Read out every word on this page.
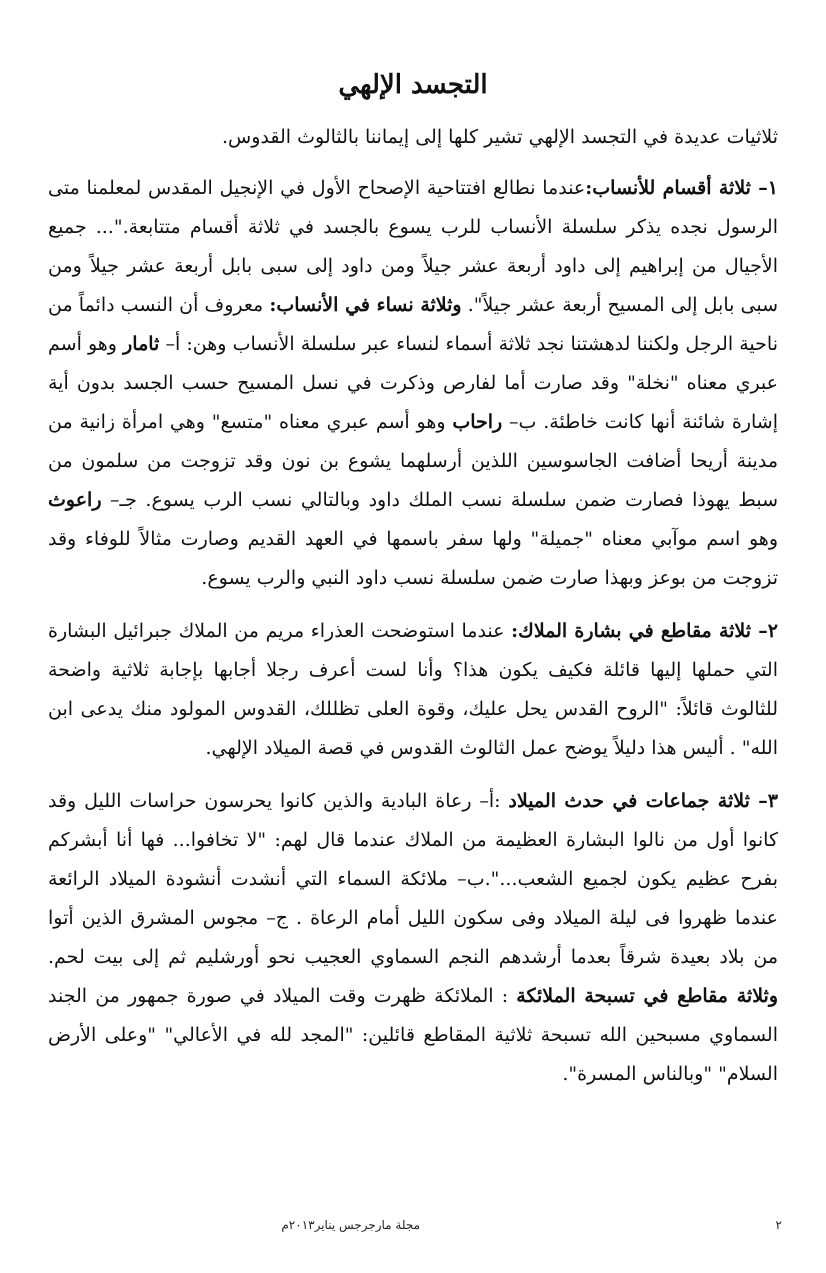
التجسد الإلهي

ثلاثيات عديدة في التجسد الإلهي تشير كلها إلى إيماننا بالثالوث القدوس.

١– ثلاثة أقسام للأنساب:عندما نطالع افتتاحية الإصحاح الأول في الإنجيل المقدس لمعلمنا متى الرسول نجده يذكر سلسلة الأنساب للرب يسوع بالجسد في ثلاثة أقسام متتابعة."... جميع الأجيال من إبراهيم إلى داود أربعة عشر جيلاً ومن داود إلى سبى بابل أربعة عشر جيلاً ومن سبى بابل إلى المسيح أربعة عشر جيلاً". وثلاثة نساء في الأنساب: معروف أن النسب دائماً من ناحية الرجل ولكننا لدهشتنا نجد ثلاثة أسماء لنساء عبر سلسلة الأنساب وهن: أ– ثامار وهو أسم عبري معناه "نخلة" وقد صارت أما لفارص وذكرت في نسل المسيح حسب الجسد بدون أية إشارة شائنة أنها كانت خاطئة. ب– راحاب وهو أسم عبري معناه "متسع" وهي امرأة زانية من مدينة أريحا أضافت الجاسوسين اللذين أرسلهما يشوع بن نون وقد تزوجت من سلمون من سبط يهوذا فصارت ضمن سلسلة نسب الملك داود وبالتالي نسب الرب يسوع. جـ– راعوث وهو اسم موآبي معناه "جميلة" ولها سفر باسمها في العهد القديم وصارت مثالاً للوفاء وقد تزوجت من بوعز وبهذا صارت ضمن سلسلة نسب داود النبي والرب يسوع.

٢– ثلاثة مقاطع في بشارة الملاك: عندما استوضحت العذراء مريم من الملاك جبرائيل البشارة التي حملها إليها قائلة فكيف يكون هذا؟ وأنا لست أعرف رجلا أجابها بإجابة ثلاثية واضحة للثالوث قائلاً: "الروح القدس يحل عليك، وقوة العلى تظللك، القدوس المولود منك يدعى ابن الله" . أليس هذا دليلاً يوضح عمل الثالوث القدوس في قصة الميلاد الإلهي.

٣– ثلاثة جماعات في حدث الميلاد :أ– رعاة البادية والذين كانوا يحرسون حراسات الليل وقد كانوا أول من نالوا البشارة العظيمة من الملاك عندما قال لهم: "لا تخافوا... فها أنا أبشركم بفرح عظيم يكون لجميع الشعب...".ب– ملائكة السماء التي أنشدت أنشودة الميلاد الرائعة عندما ظهروا فى ليلة الميلاد وفى سكون الليل أمام الرعاة . ج– مجوس المشرق الذين أتوا من بلاد بعيدة شرقاً بعدما أرشدهم النجم السماوي العجيب نحو أورشليم ثم إلى بيت لحم. وثلاثة مقاطع في تسبحة الملائكة : الملائكة ظهرت وقت الميلاد في صورة جمهور من الجند السماوي مسبحين الله تسبحة ثلاثية المقاطع قائلين: "المجد لله في الأعالي" "وعلى الأرض السلام" "وبالناس المسرة".

٢
مجلة مارجرجس يناير٢٠١٣م
